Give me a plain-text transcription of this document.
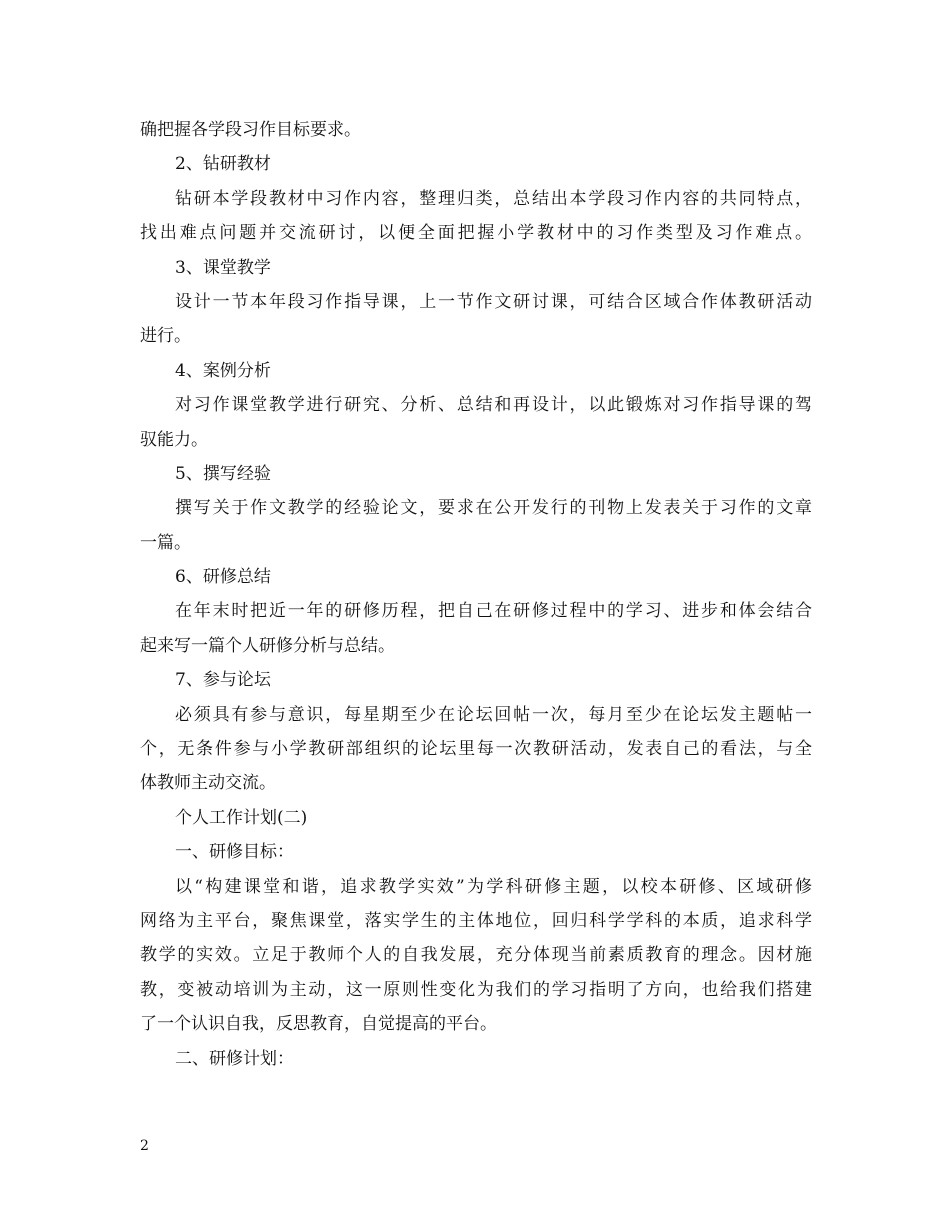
确把握各学段习作目标要求。
2、钻研教材
钻研本学段教材中习作内容，整理归类，总结出本学段习作内容的共同特点，
找出难点问题并交流研讨，以便全面把握小学教材中的习作类型及习作难点。
3、课堂教学
设计一节本年段习作指导课，上一节作文研讨课，可结合区域合作体教研活动
进行。
4、案例分析
对习作课堂教学进行研究、分析、总结和再设计，以此锻炼对习作指导课的驾
驭能力。
5、撰写经验
撰写关于作文教学的经验论文，要求在公开发行的刊物上发表关于习作的文章
一篇。
6、研修总结
在年末时把近一年的研修历程，把自己在研修过程中的学习、进步和体会结合
起来写一篇个人研修分析与总结。
7、参与论坛
必须具有参与意识，每星期至少在论坛回帖一次，每月至少在论坛发主题帖一
个，无条件参与小学教研部组织的论坛里每一次教研活动，发表自己的看法，与全
体教师主动交流。
个人工作计划(二)
一、研修目标：
以“构建课堂和谐，追求教学实效”为学科研修主题，以校本研修、区域研修
网络为主平台，聚焦课堂，落实学生的主体地位，回归科学学科的本质，追求科学
教学的实效。立足于教师个人的自我发展，充分体现当前素质教育的理念。因材施
教，变被动培训为主动，这一原则性变化为我们的学习指明了方向，也给我们搭建
了一个认识自我，反思教育，自觉提高的平台。
二、研修计划：
2
